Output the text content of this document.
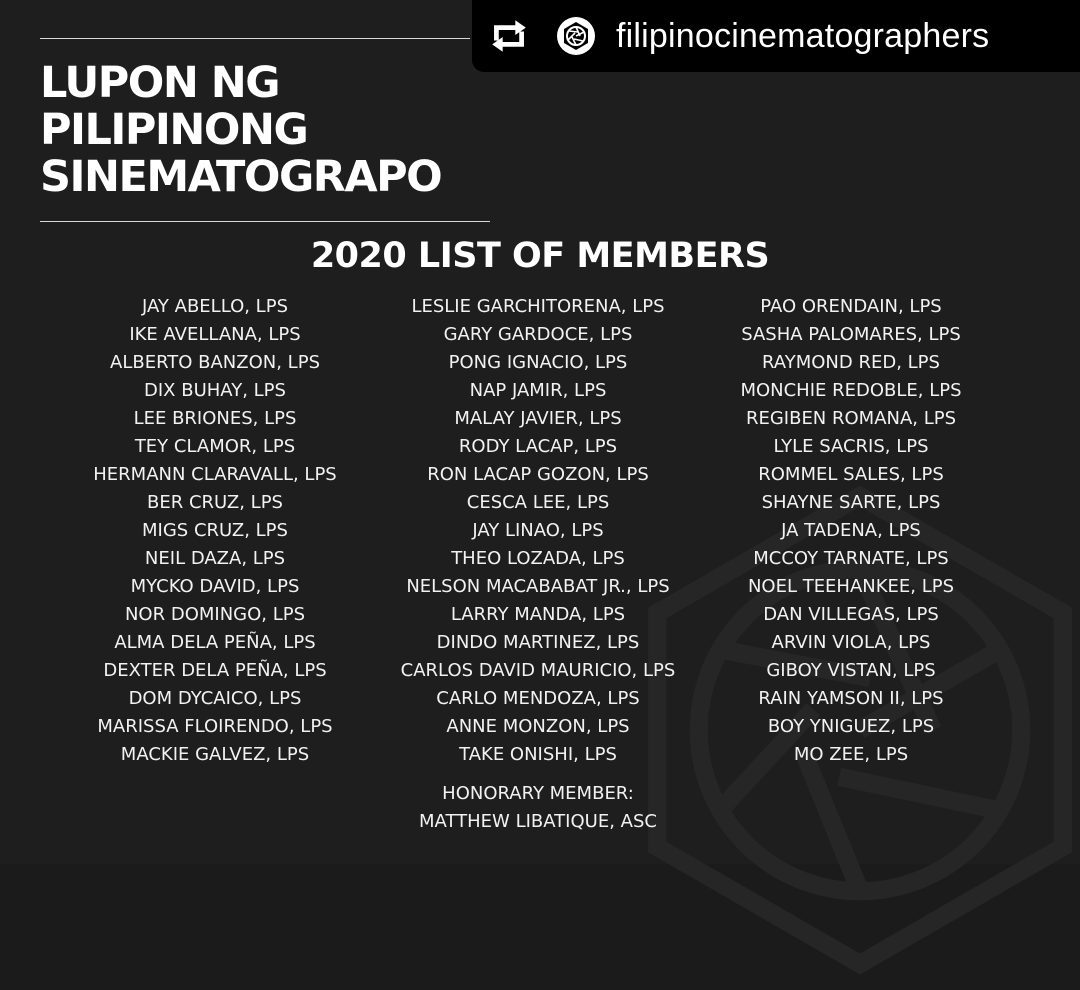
LUPON NG
PILIPINONG
SINEMATOGRAPO
2020 LIST OF MEMBERS
JAY ABELLO, LPS
IKE AVELLANA, LPS
ALBERTO BANZON, LPS
DIX BUHAY, LPS
LEE BRIONES, LPS
TEY CLAMOR, LPS
HERMANN CLARAVALL, LPS
BER CRUZ, LPS
MIGS CRUZ, LPS
NEIL DAZA, LPS
MYCKO DAVID, LPS
NOR DOMINGO, LPS
ALMA DELA PEÑA, LPS
DEXTER DELA PEÑA, LPS
DOM DYCAICO, LPS
MARISSA FLOIRENDO, LPS
MACKIE GALVEZ, LPS
LESLIE GARCHITORENA, LPS
GARY GARDOCE, LPS
PONG IGNACIO, LPS
NAP JAMIR, LPS
MALAY JAVIER, LPS
RODY LACAP, LPS
RON LACAP GOZON, LPS
CESCA LEE, LPS
JAY LINAO, LPS
THEO LOZADA, LPS
NELSON MACABABAT JR., LPS
LARRY MANDA, LPS
DINDO MARTINEZ, LPS
CARLOS DAVID MAURICIO, LPS
CARLO MENDOZA, LPS
ANNE MONZON, LPS
TAKE ONISHI, LPS
PAO ORENDAIN, LPS
SASHA PALOMARES, LPS
RAYMOND RED, LPS
MONCHIE REDOBLE, LPS
REGIBEN ROMANA, LPS
LYLE SACRIS, LPS
ROMMEL SALES, LPS
SHAYNE SARTE, LPS
JA TADENA, LPS
MCCOY TARNATE, LPS
NOEL TEEHANKEE, LPS
DAN VILLEGAS, LPS
ARVIN VIOLA, LPS
GIBOY VISTAN, LPS
RAIN YAMSON II, LPS
BOY YNIGUEZ, LPS
MO ZEE, LPS
HONORARY MEMBER:
MATTHEW LIBATIQUE, ASC
filipinocinematographers
